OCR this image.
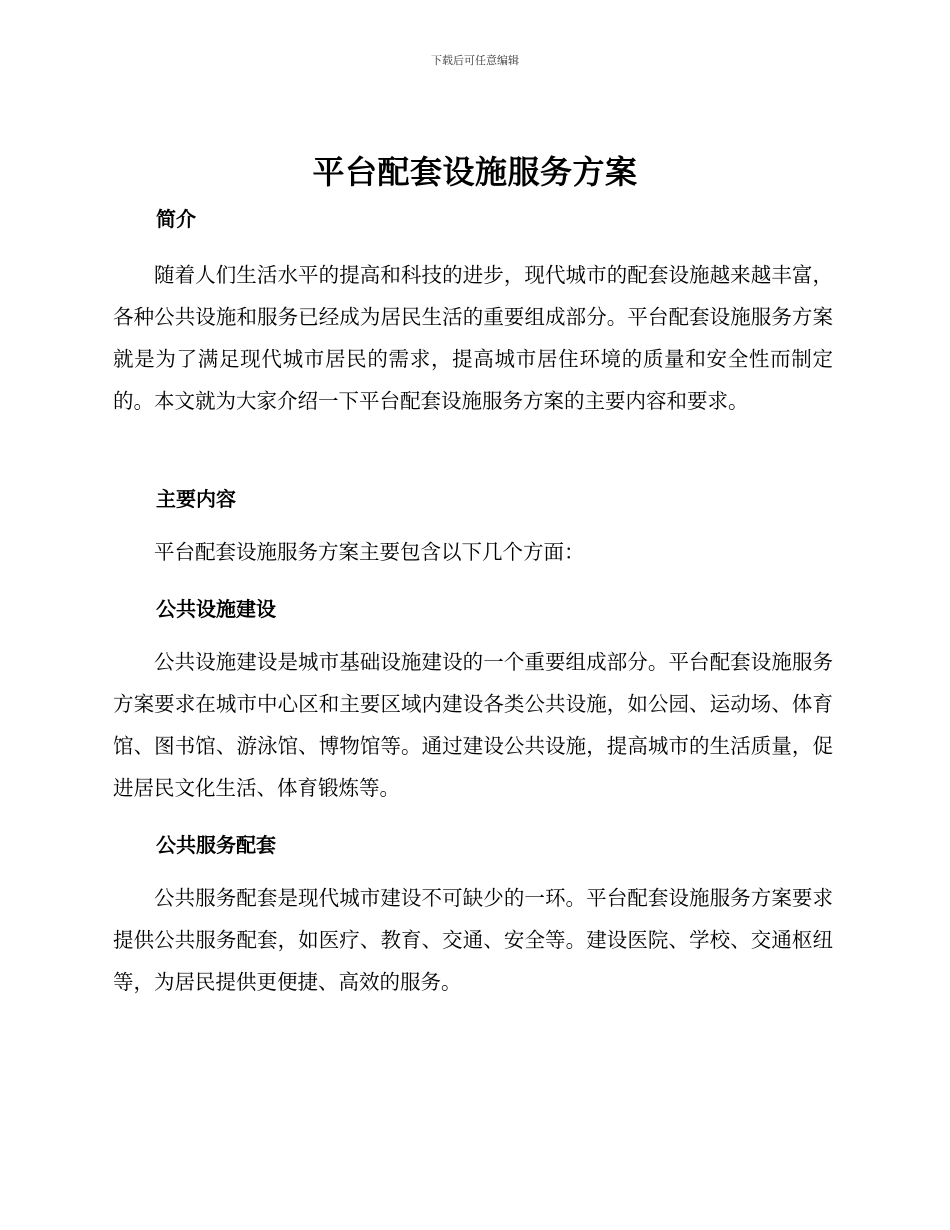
下载后可任意编辑
平台配套设施服务方案
简介

随着人们生活水平的提高和科技的进步，现代城市的配套设施越来越丰富，各种公共设施和服务已经成为居民生活的重要组成部分。平台配套设施服务方案就是为了满足现代城市居民的需求，提高城市居住环境的质量和安全性而制定的。本文就为大家介绍一下平台配套设施服务方案的主要内容和要求。

主要内容

平台配套设施服务方案主要包含以下几个方面：

公共设施建设

公共设施建设是城市基础设施建设的一个重要组成部分。平台配套设施服务方案要求在城市中心区和主要区域内建设各类公共设施，如公园、运动场、体育馆、图书馆、游泳馆、博物馆等。通过建设公共设施，提高城市的生活质量，促进居民文化生活、体育锻炼等。

公共服务配套

公共服务配套是现代城市建设不可缺少的一环。平台配套设施服务方案要求提供公共服务配套，如医疗、教育、交通、安全等。建设医院、学校、交通枢纽等，为居民提供更便捷、高效的服务。
